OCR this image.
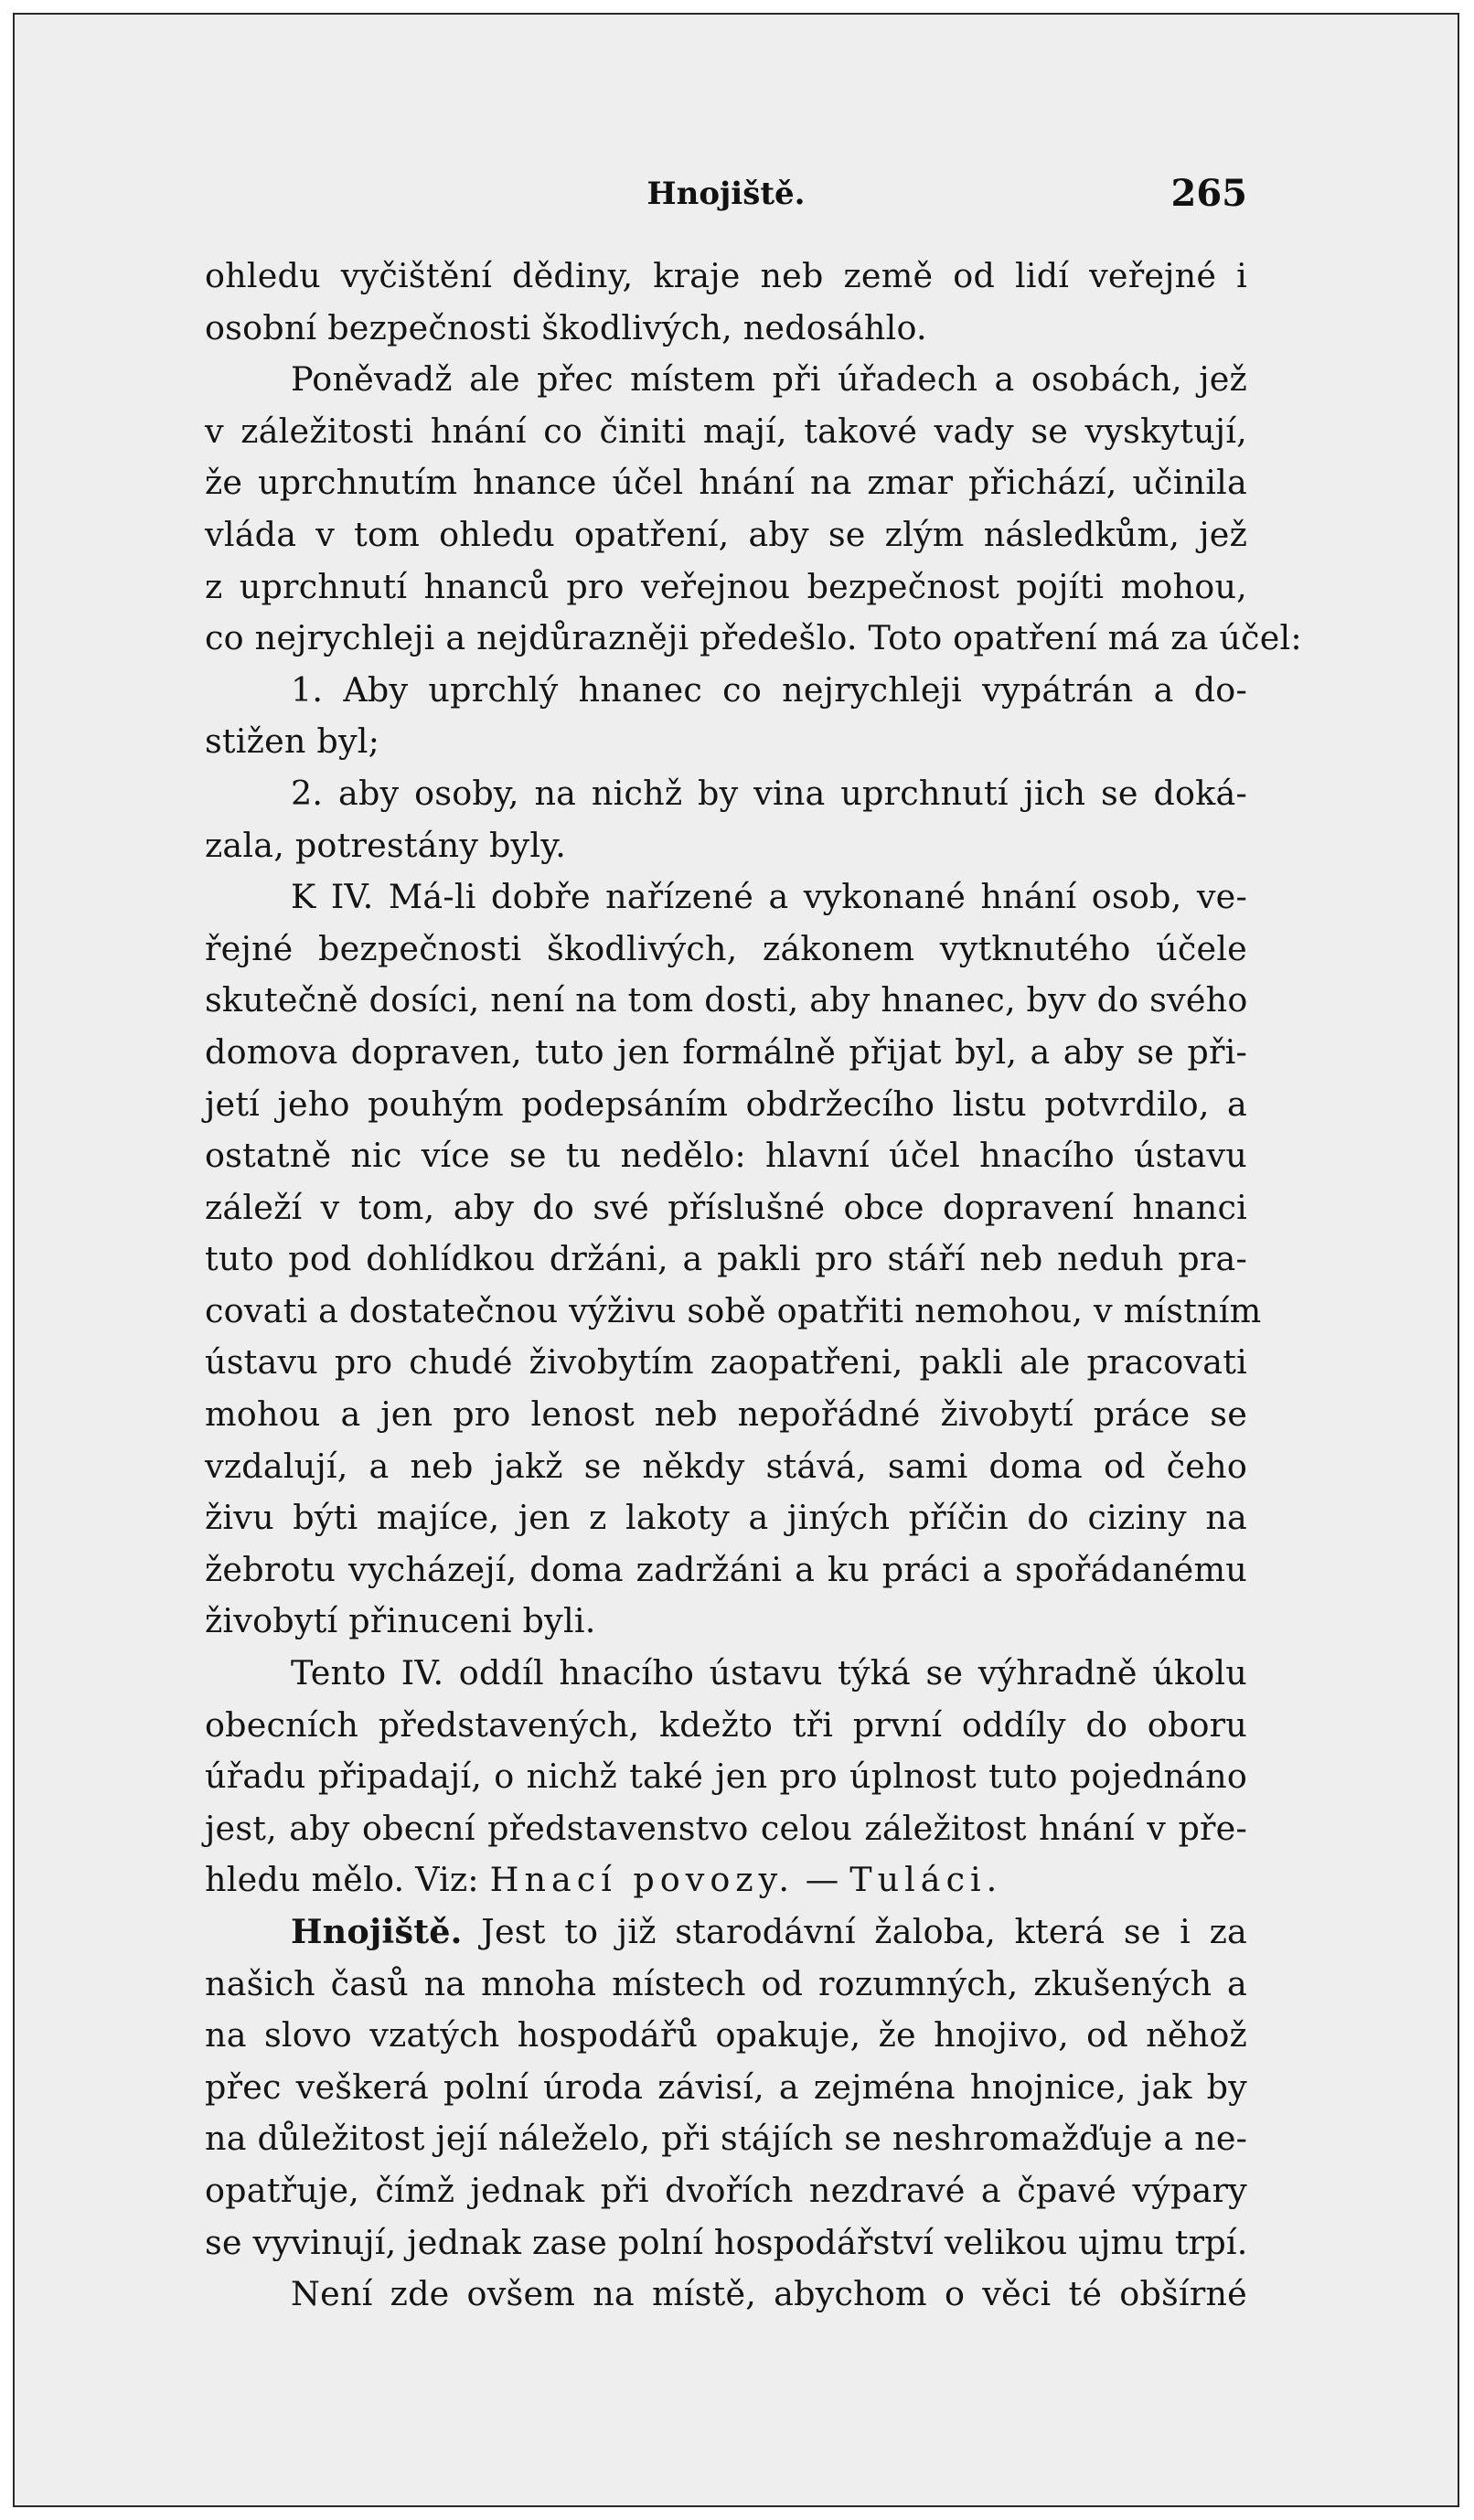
Hnojiště.	265
ohledu vyčištění dědiny, kraje neb země od lidí veřejné i
osobní bezpečnosti škodlivých, nedosáhlo.
Poněvadž ale přec místem při úřadech a osobách, jež
v záležitosti hnání co činiti mají, takové vady se vyskytují,
že uprchnutím hnance účel hnání na zmar přichází, učinila
vláda v tom ohledu opatření, aby se zlým následkům, jež
z uprchnutí hnanců pro veřejnou bezpečnost pojíti mohou,
co nejrychleji a nejdůrazněji předešlo. Toto opatření má za účel:
1. Aby uprchlý hnanec co nejrychleji vypátrán a do-
stižen byl;
2. aby osoby, na nichž by vina uprchnutí jich se doká-
zala, potrestány byly.
K IV. Má-li dobře nařízené a vykonané hnání osob, ve-
řejné bezpečnosti škodlivých, zákonem vytknutého účele
skutečně dosíci, není na tom dosti, aby hnanec, byv do svého
domova dopraven, tuto jen formálně přijat byl, a aby se při-
jetí jeho pouhým podepsáním obdržecího listu potvrdilo, a
ostatně nic více se tu nedělo: hlavní účel hnacího ústavu
záleží v tom, aby do své příslušné obce dopravení hnanci
tuto pod dohlídkou držáni, a pakli pro stáří neb neduh pra-
covati a dostatečnou výživu sobě opatřiti nemohou, v místním
ústavu pro chudé živobytím zaopatřeni, pakli ale pracovati
mohou a jen pro lenost neb nepořádné živobytí práce se
vzdalují, a neb jakž se někdy stává, sami doma od čeho
živu býti majíce, jen z lakoty a jiných příčin do ciziny na
žebrotu vycházejí, doma zadržáni a ku práci a spořádanému
živobytí přinuceni byli.
Tento IV. oddíl hnacího ústavu týká se výhradně úkolu
obecních představených, kdežto tři první oddíly do oboru
úřadu připadají, o nichž také jen pro úplnost tuto pojednáno
jest, aby obecní představenstvo celou záležitost hnání v pře-
hledu mělo. Viz: Hnací povozy. — Tuláci.
Hnojiště. Jest to již starodávní žaloba, která se i za
našich časů na mnoha místech od rozumných, zkušených a
na slovo vzatých hospodářů opakuje, že hnojivo, od něhož
přec veškerá polní úroda závisí, a zejména hnojnice, jak by
na důležitost její náleželo, při stájích se neshromažďuje a ne-
opatřuje, čímž jednak při dvořích nezdravé a čpavé výpary
se vyvinují, jednak zase polní hospodářství velikou ujmu trpí.
Není zde ovšem na místě, abychom o věci té obšírné
